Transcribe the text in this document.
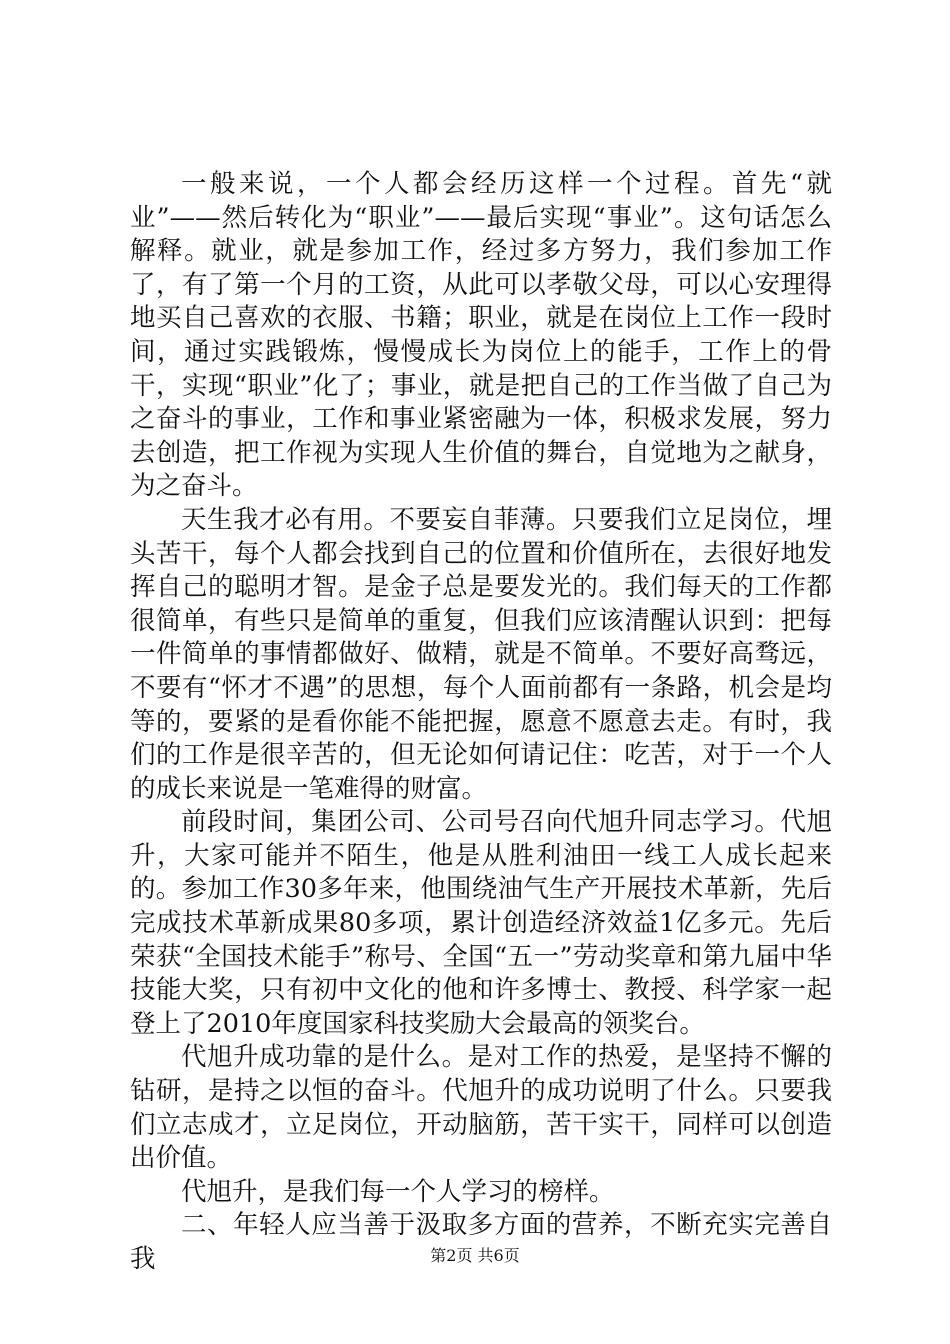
一般来说，一个人都会经历这样一个过程。首先“就业”——然后转化为“职业”——最后实现“事业”。这句话怎么解释。就业，就是参加工作，经过多方努力，我们参加工作了，有了第一个月的工资，从此可以孝敬父母，可以心安理得地买自己喜欢的衣服、书籍；职业，就是在岗位上工作一段时间，通过实践锻炼，慢慢成长为岗位上的能手，工作上的骨干，实现“职业”化了；事业，就是把自己的工作当做了自己为之奋斗的事业，工作和事业紧密融为一体，积极求发展，努力去创造，把工作视为实现人生价值的舞台，自觉地为之献身，为之奋斗。

天生我才必有用。不要妄自菲薄。只要我们立足岗位，埋头苦干，每个人都会找到自己的位置和价值所在，去很好地发挥自己的聪明才智。是金子总是要发光的。我们每天的工作都很简单，有些只是简单的重复，但我们应该清醒认识到：把每一件简单的事情都做好、做精，就是不简单。不要好高骛远，不要有“怀才不遇”的思想，每个人面前都有一条路，机会是均等的，要紧的是看你能不能把握，愿意不愿意去走。有时，我们的工作是很辛苦的，但无论如何请记住：吃苦，对于一个人的成长来说是一笔难得的财富。

前段时间，集团公司、公司号召向代旭升同志学习。代旭升，大家可能并不陌生，他是从胜利油田一线工人成长起来的。参加工作30多年来，他围绕油气生产开展技术革新，先后完成技术革新成果80多项，累计创造经济效益1亿多元。先后荣获“全国技术能手”称号、全国“五一”劳动奖章和第九届中华技能大奖，只有初中文化的他和许多博士、教授、科学家一起登上了2010年度国家科技奖励大会最高的领奖台。

代旭升成功靠的是什么。是对工作的热爱，是坚持不懈的钻研，是持之以恒的奋斗。代旭升的成功说明了什么。只要我们立志成才，立足岗位，开动脑筋，苦干实干，同样可以创造出价值。

代旭升，是我们每一个人学习的榜样。

二、年轻人应当善于汲取多方面的营养，不断充实完善自我	第2页 共6页
